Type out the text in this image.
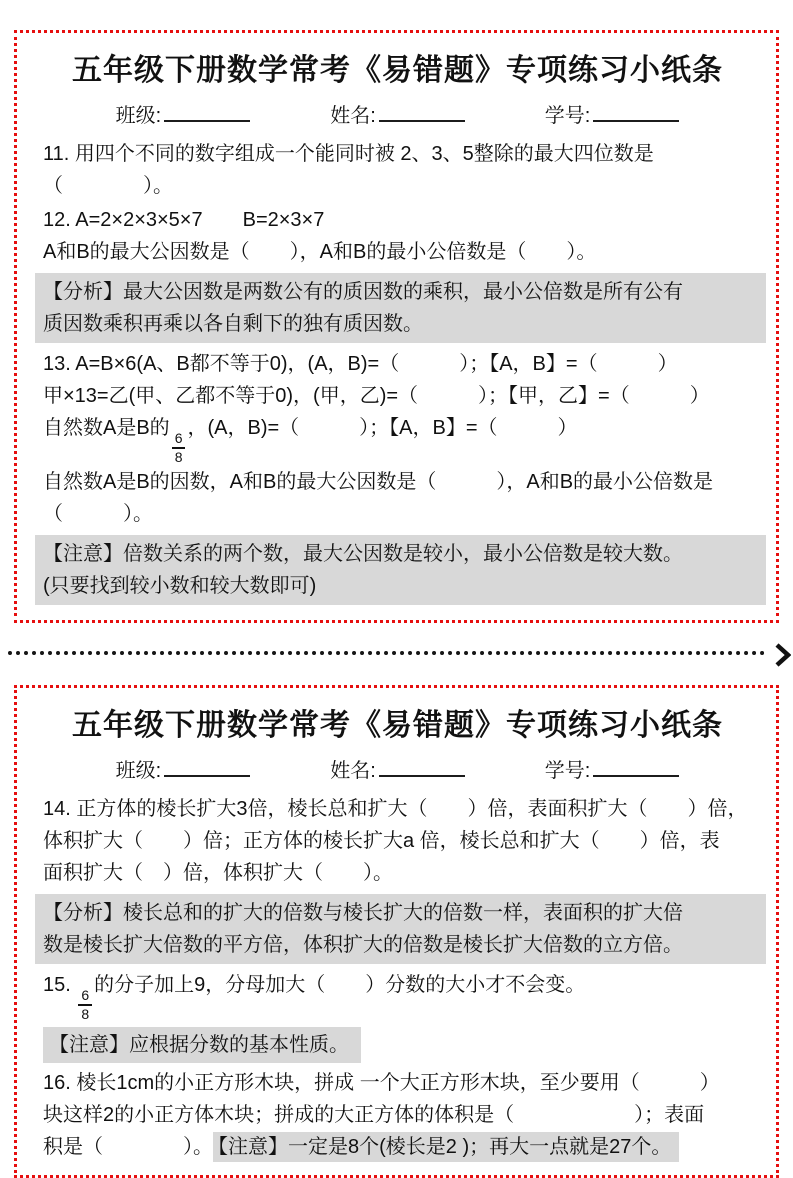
五年级下册数学常考《易错题》专项练习小纸条
班级:	姓名:	学号:
11. 用四个不同的数字组成一个能同时被 2、3、5整除的最大四位数是
（　　　　）。
12. A=2×2×3×5×7　　B=2×3×7
A和B的最大公因数是（　　），A和B的最小公倍数是（　　）。
【分析】最大公因数是两数公有的质因数的乘积，最小公倍数是所有公有
质因数乘积再乘以各自剩下的独有质因数。
13. A=B×6(A、B都不等于0)，(A，B)=（　　　）；【A，B】=（　　　）
甲×13=乙(甲、乙都不等于0)，(甲，乙)=（　　　）；【甲，乙】=（　　　）
自然数A是B的
$\frac{6}{8}$
，(A，B)=（　　　）；【A，B】=（　　　）
自然数A是B的因数，A和B的最大公因数是（　　　），A和B的最小公倍数是
（　　　）。
【注意】倍数关系的两个数，最大公因数是较小，最小公倍数是较大数。
(只要找到较小数和较大数即可)
五年级下册数学常考《易错题》专项练习小纸条
班级:	姓名:	学号:
14. 正方体的棱长扩大3倍，棱长总和扩大（　　）倍，表面积扩大（　　）倍，
体积扩大（　　）倍；正方体的棱长扩大a 倍，棱长总和扩大（　　）倍，表
面积扩大（　）倍，体积扩大（　　）。
【分析】棱长总和的扩大的倍数与棱长扩大的倍数一样，表面积的扩大倍
数是棱长扩大倍数的平方倍，体积扩大的倍数是棱长扩大倍数的立方倍。
15.
$\frac{6}{8}$
的分子加上9，分母加大（　　）分数的大小才不会变。
【注意】应根据分数的基本性质。
16. 棱长1cm的小正方形木块，拼成 一个大正方形木块，至少要用（　　　）
块这样2的小正方体木块；拼成的大正方体的体积是（　　　　　　）；表面
积是（　　　　）。 【注意】一定是8个(棱长是2 )；再大一点就是27个。
